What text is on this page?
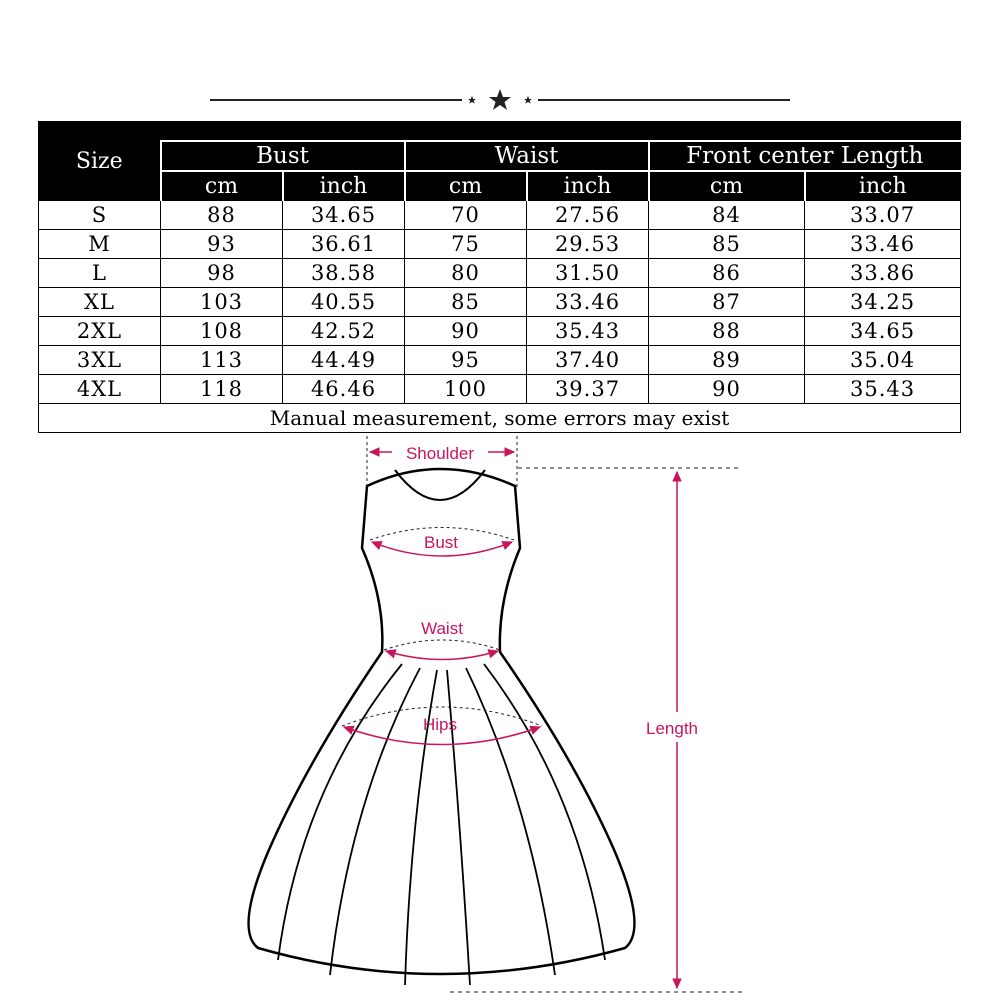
Size						
	Bust		Waist		Front center Length	
	cm	inch	cm	inch	cm	inch
S	88	34.65	70	27.56	84	33.07
M	93	36.61	75	29.53	85	33.46
L	98	38.58	80	31.50	86	33.86
XL	103	40.55	85	33.46	87	34.25
2XL	108	42.52	90	35.43	88	34.65
3XL	113	44.49	95	37.40	89	35.04
4XL	118	46.46	100	39.37	90	35.43
Manual measurement, some errors may exist						
Shoulder
Bust
Waist
Hips	Length
